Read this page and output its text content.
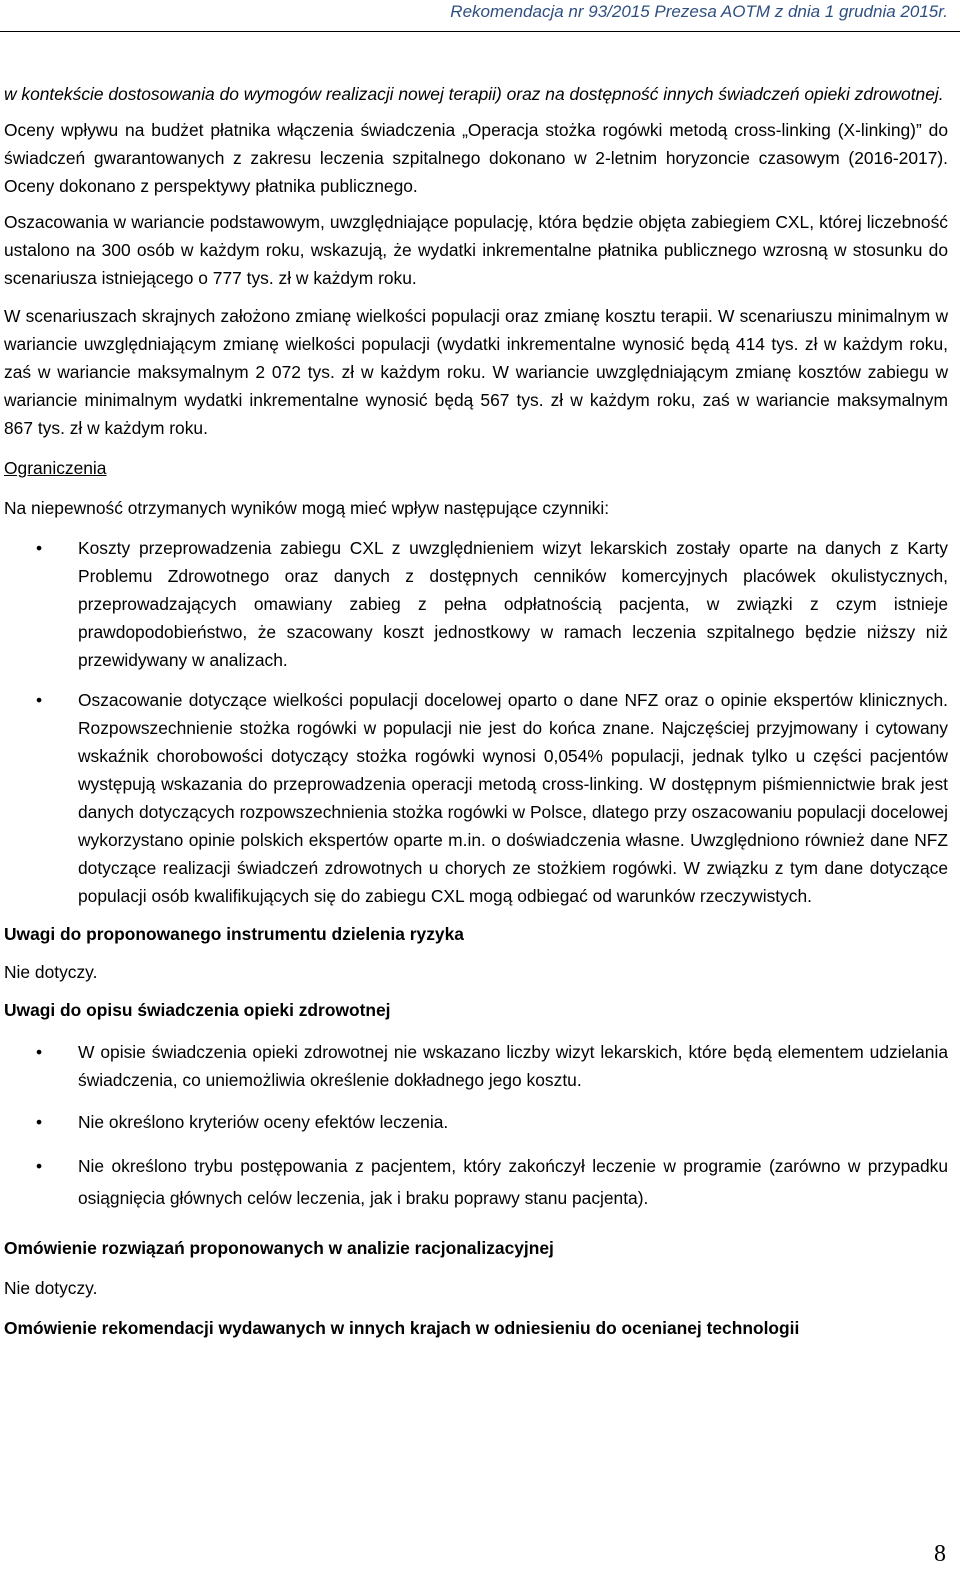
Rekomendacja nr 93/2015 Prezesa AOTM z dnia 1 grudnia 2015r.

w kontekście dostosowania do wymogów realizacji nowej terapii) oraz na dostępność innych świadczeń opieki zdrowotnej.

Oceny wpływu na budżet płatnika włączenia świadczenia „Operacja stożka rogówki metodą cross-linking (X-linking)” do świadczeń gwarantowanych z zakresu leczenia szpitalnego dokonano w 2-letnim horyzoncie czasowym (2016-2017). Oceny dokonano z perspektywy płatnika publicznego.

Oszacowania w wariancie podstawowym, uwzględniające populację, która będzie objęta zabiegiem CXL, której liczebność ustalono na 300 osób w każdym roku, wskazują, że wydatki inkrementalne płatnika publicznego wzrosną w stosunku do scenariusza istniejącego o 777 tys. zł w każdym roku.

W scenariuszach skrajnych założono zmianę wielkości populacji oraz zmianę kosztu terapii. W scenariuszu minimalnym w wariancie uwzględniającym zmianę wielkości populacji (wydatki inkrementalne wynosić będą 414 tys. zł w każdym roku, zaś w wariancie maksymalnym 2 072 tys. zł w każdym roku. W wariancie uwzględniającym zmianę kosztów zabiegu w wariancie minimalnym wydatki inkrementalne wynosić będą 567 tys. zł w każdym roku, zaś w wariancie maksymalnym 867 tys. zł w każdym roku.

Ograniczenia

Na niepewność otrzymanych wyników mogą mieć wpływ następujące czynniki:

• Koszty przeprowadzenia zabiegu CXL z uwzględnieniem wizyt lekarskich zostały oparte na danych z Karty Problemu Zdrowotnego oraz danych z dostępnych cenników komercyjnych placówek okulistycznych, przeprowadzających omawiany zabieg z pełna odpłatnością pacjenta, w związki z czym istnieje prawdopodobieństwo, że szacowany koszt jednostkowy w ramach leczenia szpitalnego będzie niższy niż przewidywany w analizach.
• Oszacowanie dotyczące wielkości populacji docelowej oparto o dane NFZ oraz o opinie ekspertów klinicznych. Rozpowszechnienie stożka rogówki w populacji nie jest do końca znane. Najczęściej przyjmowany i cytowany wskaźnik chorobowości dotyczący stożka rogówki wynosi 0,054% populacji, jednak tylko u części pacjentów występują wskazania do przeprowadzenia operacji metodą cross-linking. W dostępnym piśmiennictwie brak jest danych dotyczących rozpowszechnienia stożka rogówki w Polsce, dlatego przy oszacowaniu populacji docelowej wykorzystano opinie polskich ekspertów oparte m.in. o doświadczenia własne. Uwzględniono również dane NFZ dotyczące realizacji świadczeń zdrowotnych u chorych ze stożkiem rogówki. W związku z tym dane dotyczące populacji osób kwalifikujących się do zabiegu CXL mogą odbiegać od warunków rzeczywistych.

Uwagi do proponowanego instrumentu dzielenia ryzyka

Nie dotyczy.

Uwagi do opisu świadczenia opieki zdrowotnej

• W opisie świadczenia opieki zdrowotnej nie wskazano liczby wizyt lekarskich, które będą elementem udzielania świadczenia, co uniemożliwia określenie dokładnego jego kosztu.
• Nie określono kryteriów oceny efektów leczenia.
• Nie określono trybu postępowania z pacjentem, który zakończył leczenie w programie (zarówno w przypadku osiągnięcia głównych celów leczenia, jak i braku poprawy stanu pacjenta).

Omówienie rozwiązań proponowanych w analizie racjonalizacyjnej

Nie dotyczy.

Omówienie rekomendacji wydawanych w innych krajach w odniesieniu do ocenianej technologii

8
